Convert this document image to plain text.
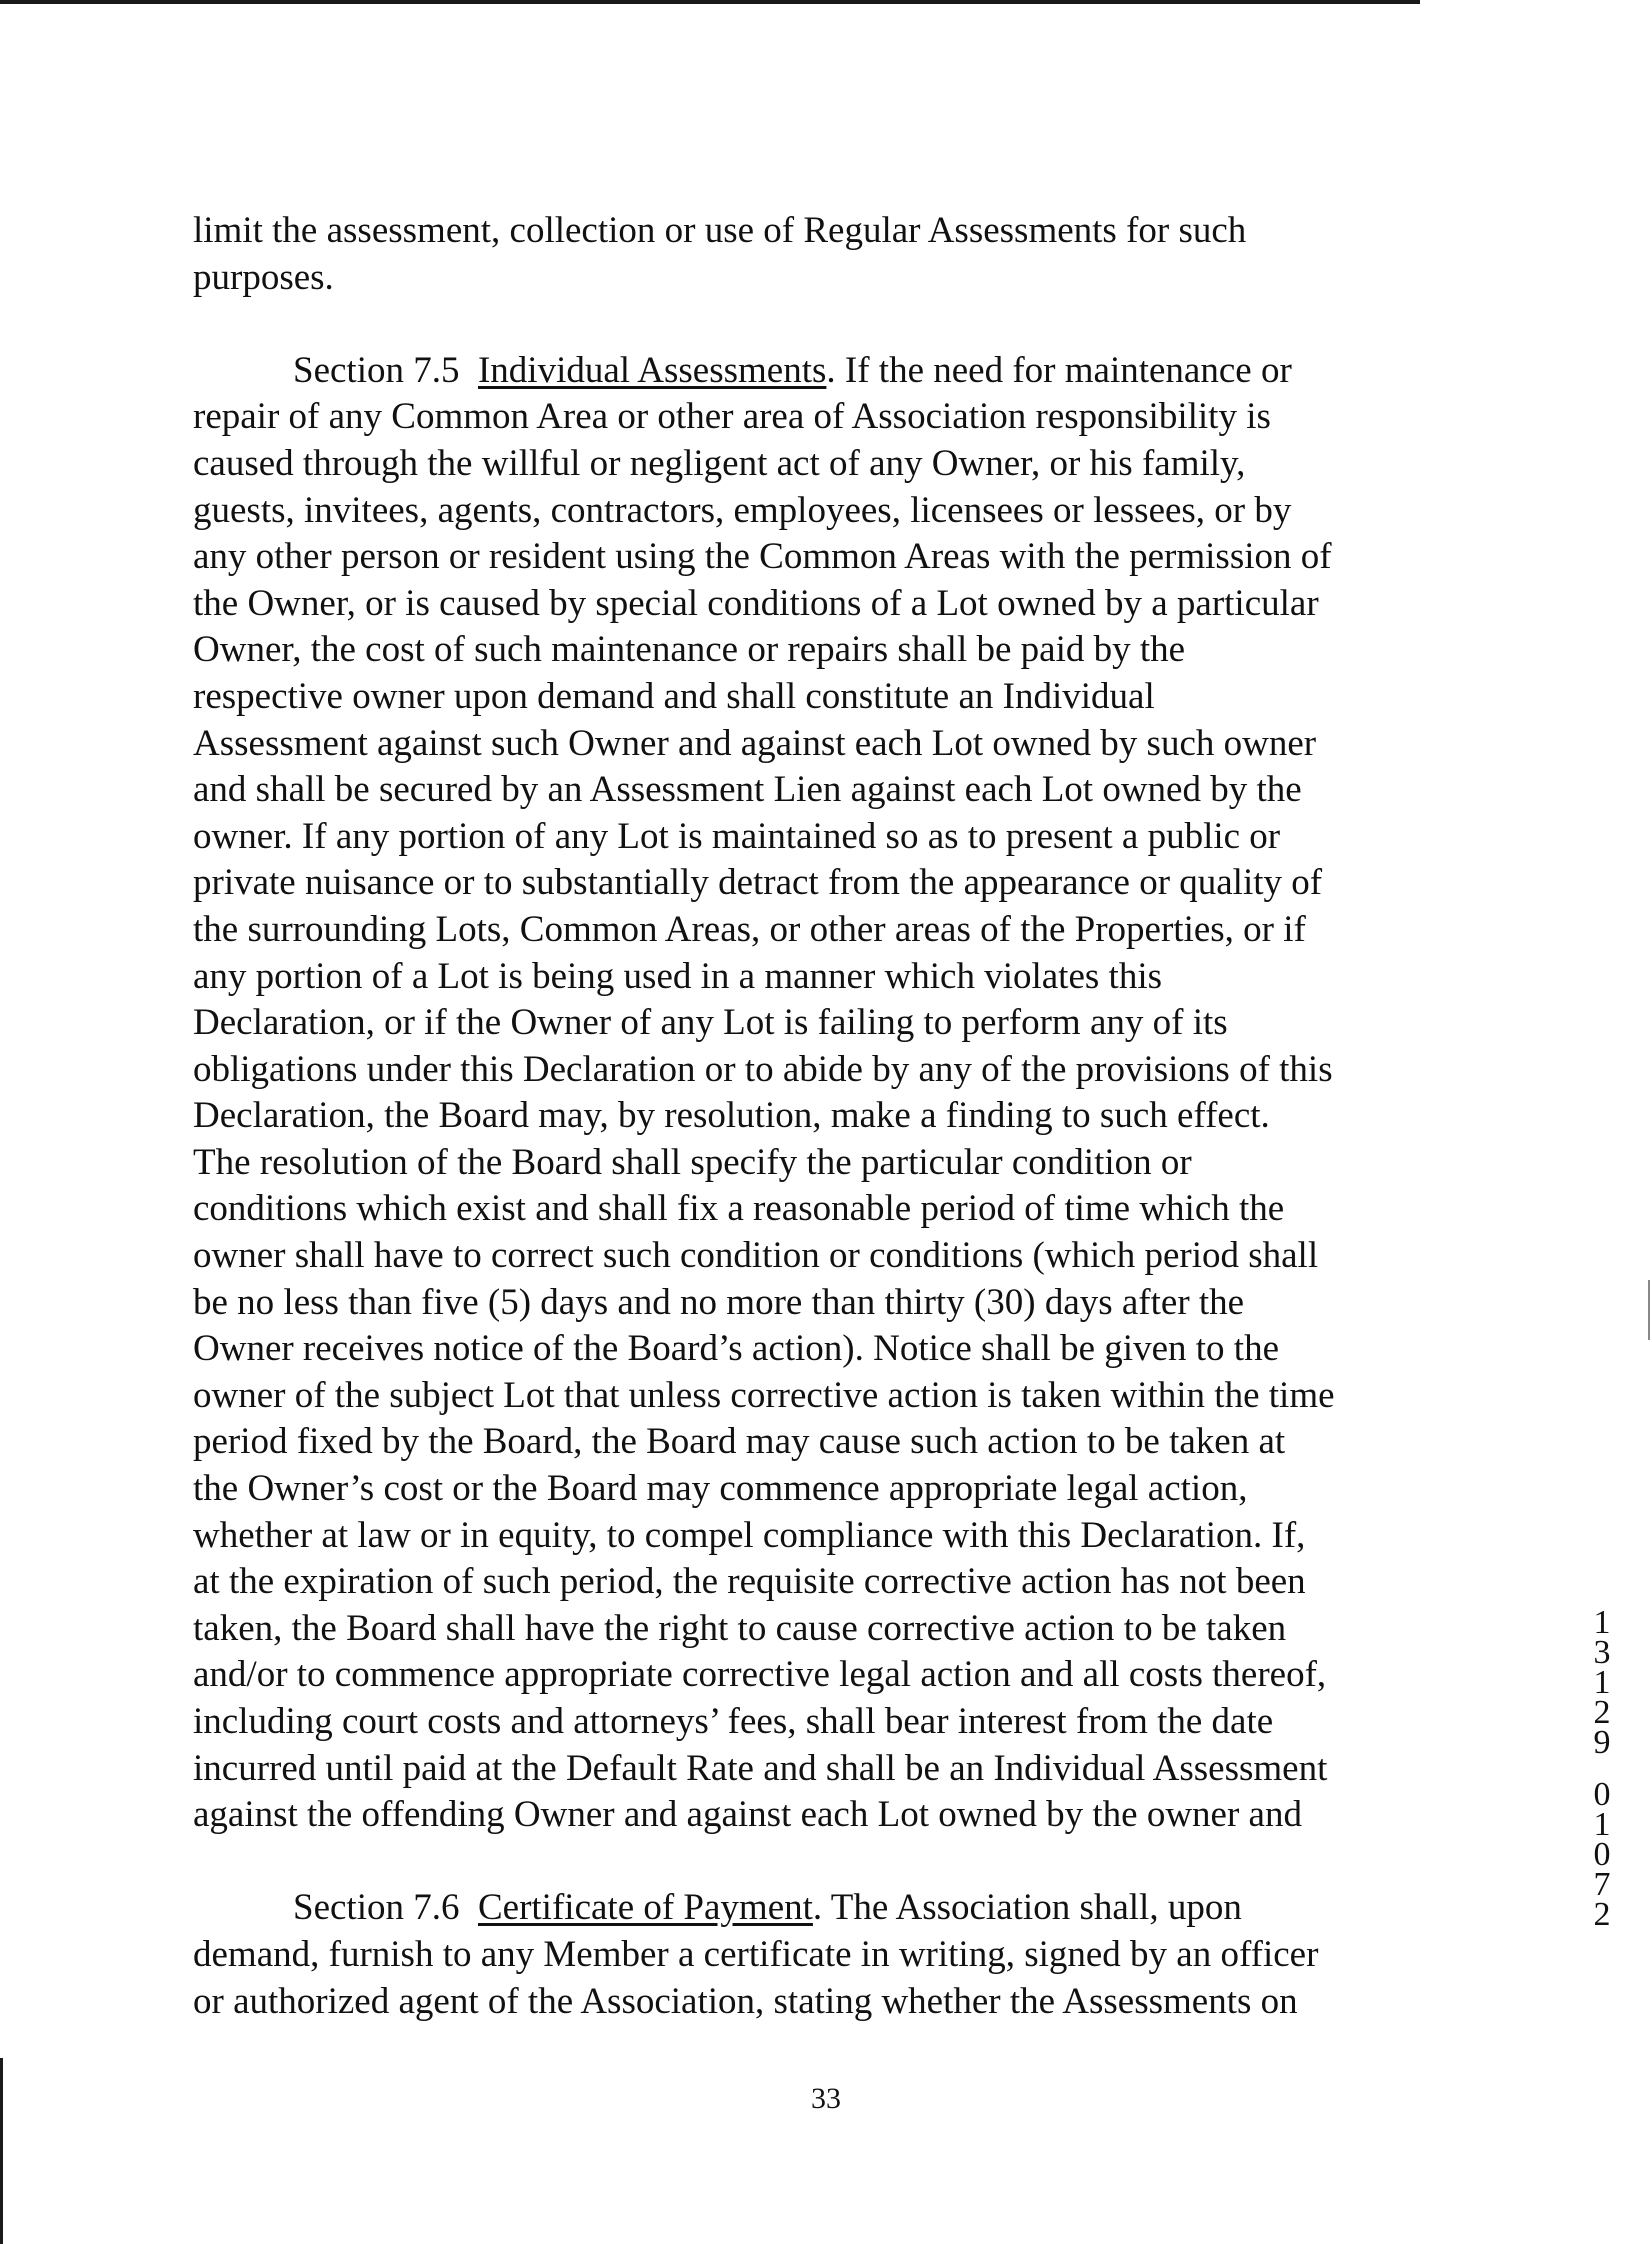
limit the assessment, collection or use of Regular Assessments for such
purposes.

Section 7.5 Individual Assessments. If the need for maintenance or
repair of any Common Area or other area of Association responsibility is
caused through the willful or negligent act of any Owner, or his family,
guests, invitees, agents, contractors, employees, licensees or lessees, or by
any other person or resident using the Common Areas with the permission of
the Owner, or is caused by special conditions of a Lot owned by a particular
Owner, the cost of such maintenance or repairs shall be paid by the
respective owner upon demand and shall constitute an Individual
Assessment against such Owner and against each Lot owned by such owner
and shall be secured by an Assessment Lien against each Lot owned by the
owner. If any portion of any Lot is maintained so as to present a public or
private nuisance or to substantially detract from the appearance or quality of
the surrounding Lots, Common Areas, or other areas of the Properties, or if
any portion of a Lot is being used in a manner which violates this
Declaration, or if the Owner of any Lot is failing to perform any of its
obligations under this Declaration or to abide by any of the provisions of this
Declaration, the Board may, by resolution, make a finding to such effect.
The resolution of the Board shall specify the particular condition or
conditions which exist and shall fix a reasonable period of time which the
owner shall have to correct such condition or conditions (which period shall
be no less than five (5) days and no more than thirty (30) days after the
Owner receives notice of the Board’s action). Notice shall be given to the
owner of the subject Lot that unless corrective action is taken within the time
period fixed by the Board, the Board may cause such action to be taken at
the Owner’s cost or the Board may commence appropriate legal action,
whether at law or in equity, to compel compliance with this Declaration. If,
at the expiration of such period, the requisite corrective action has not been
taken, the Board shall have the right to cause corrective action to be taken
and/or to commence appropriate corrective legal action and all costs thereof,
including court costs and attorneys’ fees, shall bear interest from the date
incurred until paid at the Default Rate and shall be an Individual Assessment
against the offending Owner and against each Lot owned by the owner and

Section 7.6 Certificate of Payment. The Association shall, upon
demand, furnish to any Member a certificate in writing, signed by an officer
or authorized agent of the Association, stating whether the Assessments on

1
3
1
2
9
0
1
0
7
2
33
